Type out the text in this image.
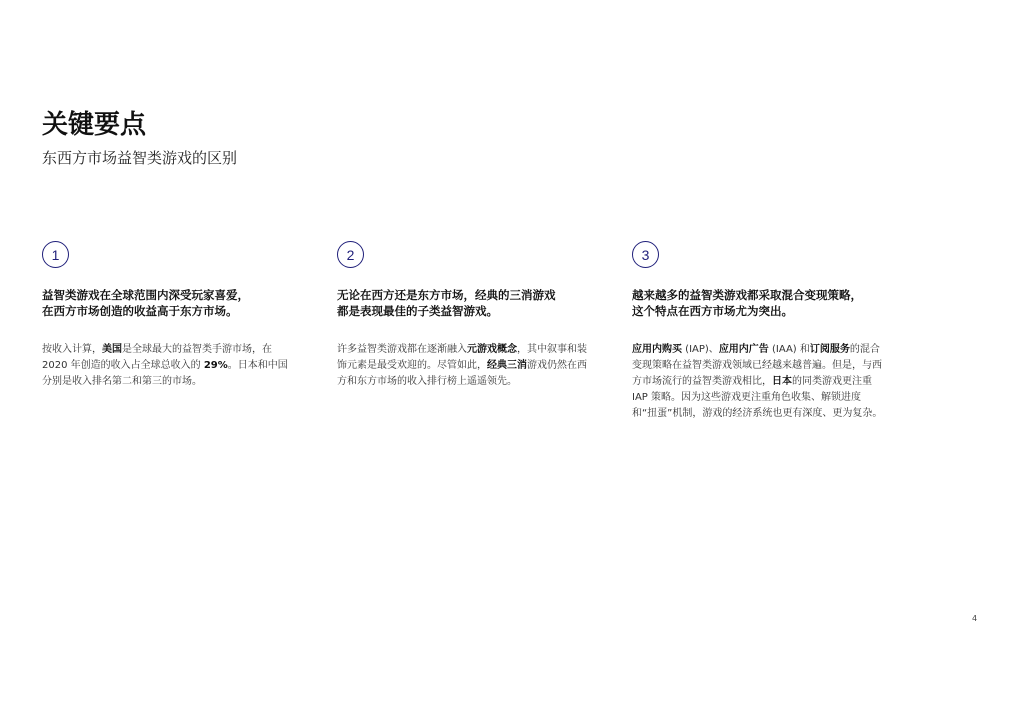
关键要点

东西方市场益智类游戏的区别

1
益智类游戏在全球范围内深受玩家喜爱，
在西方市场创造的收益高于东方市场。

按收入计算，美国是全球最大的益智类手游市场，在 2020 年创造的收入占全球总收入的 29%。日本和中国分别是收入排名第二和第三的市场。

2
无论在西方还是东方市场，经典的三消游戏
都是表现最佳的子类益智游戏。

许多益智类游戏都在逐渐融入元游戏概念，其中叙事和装饰元素是最受欢迎的。尽管如此，经典三消游戏仍然在西方和东方市场的收入排行榜上遥遥领先。

3
越来越多的益智类游戏都采取混合变现策略，
这个特点在西方市场尤为突出。

应用内购买 (IAP)、应用内广告 (IAA) 和订阅服务的混合变现策略在益智类游戏领域已经越来越普遍。但是，与西方市场流行的益智类游戏相比，日本的同类游戏更注重 IAP 策略。因为这些游戏更注重角色收集、解锁进度和“扭蛋”机制，游戏的经济系统也更有深度、更为复杂。

4
